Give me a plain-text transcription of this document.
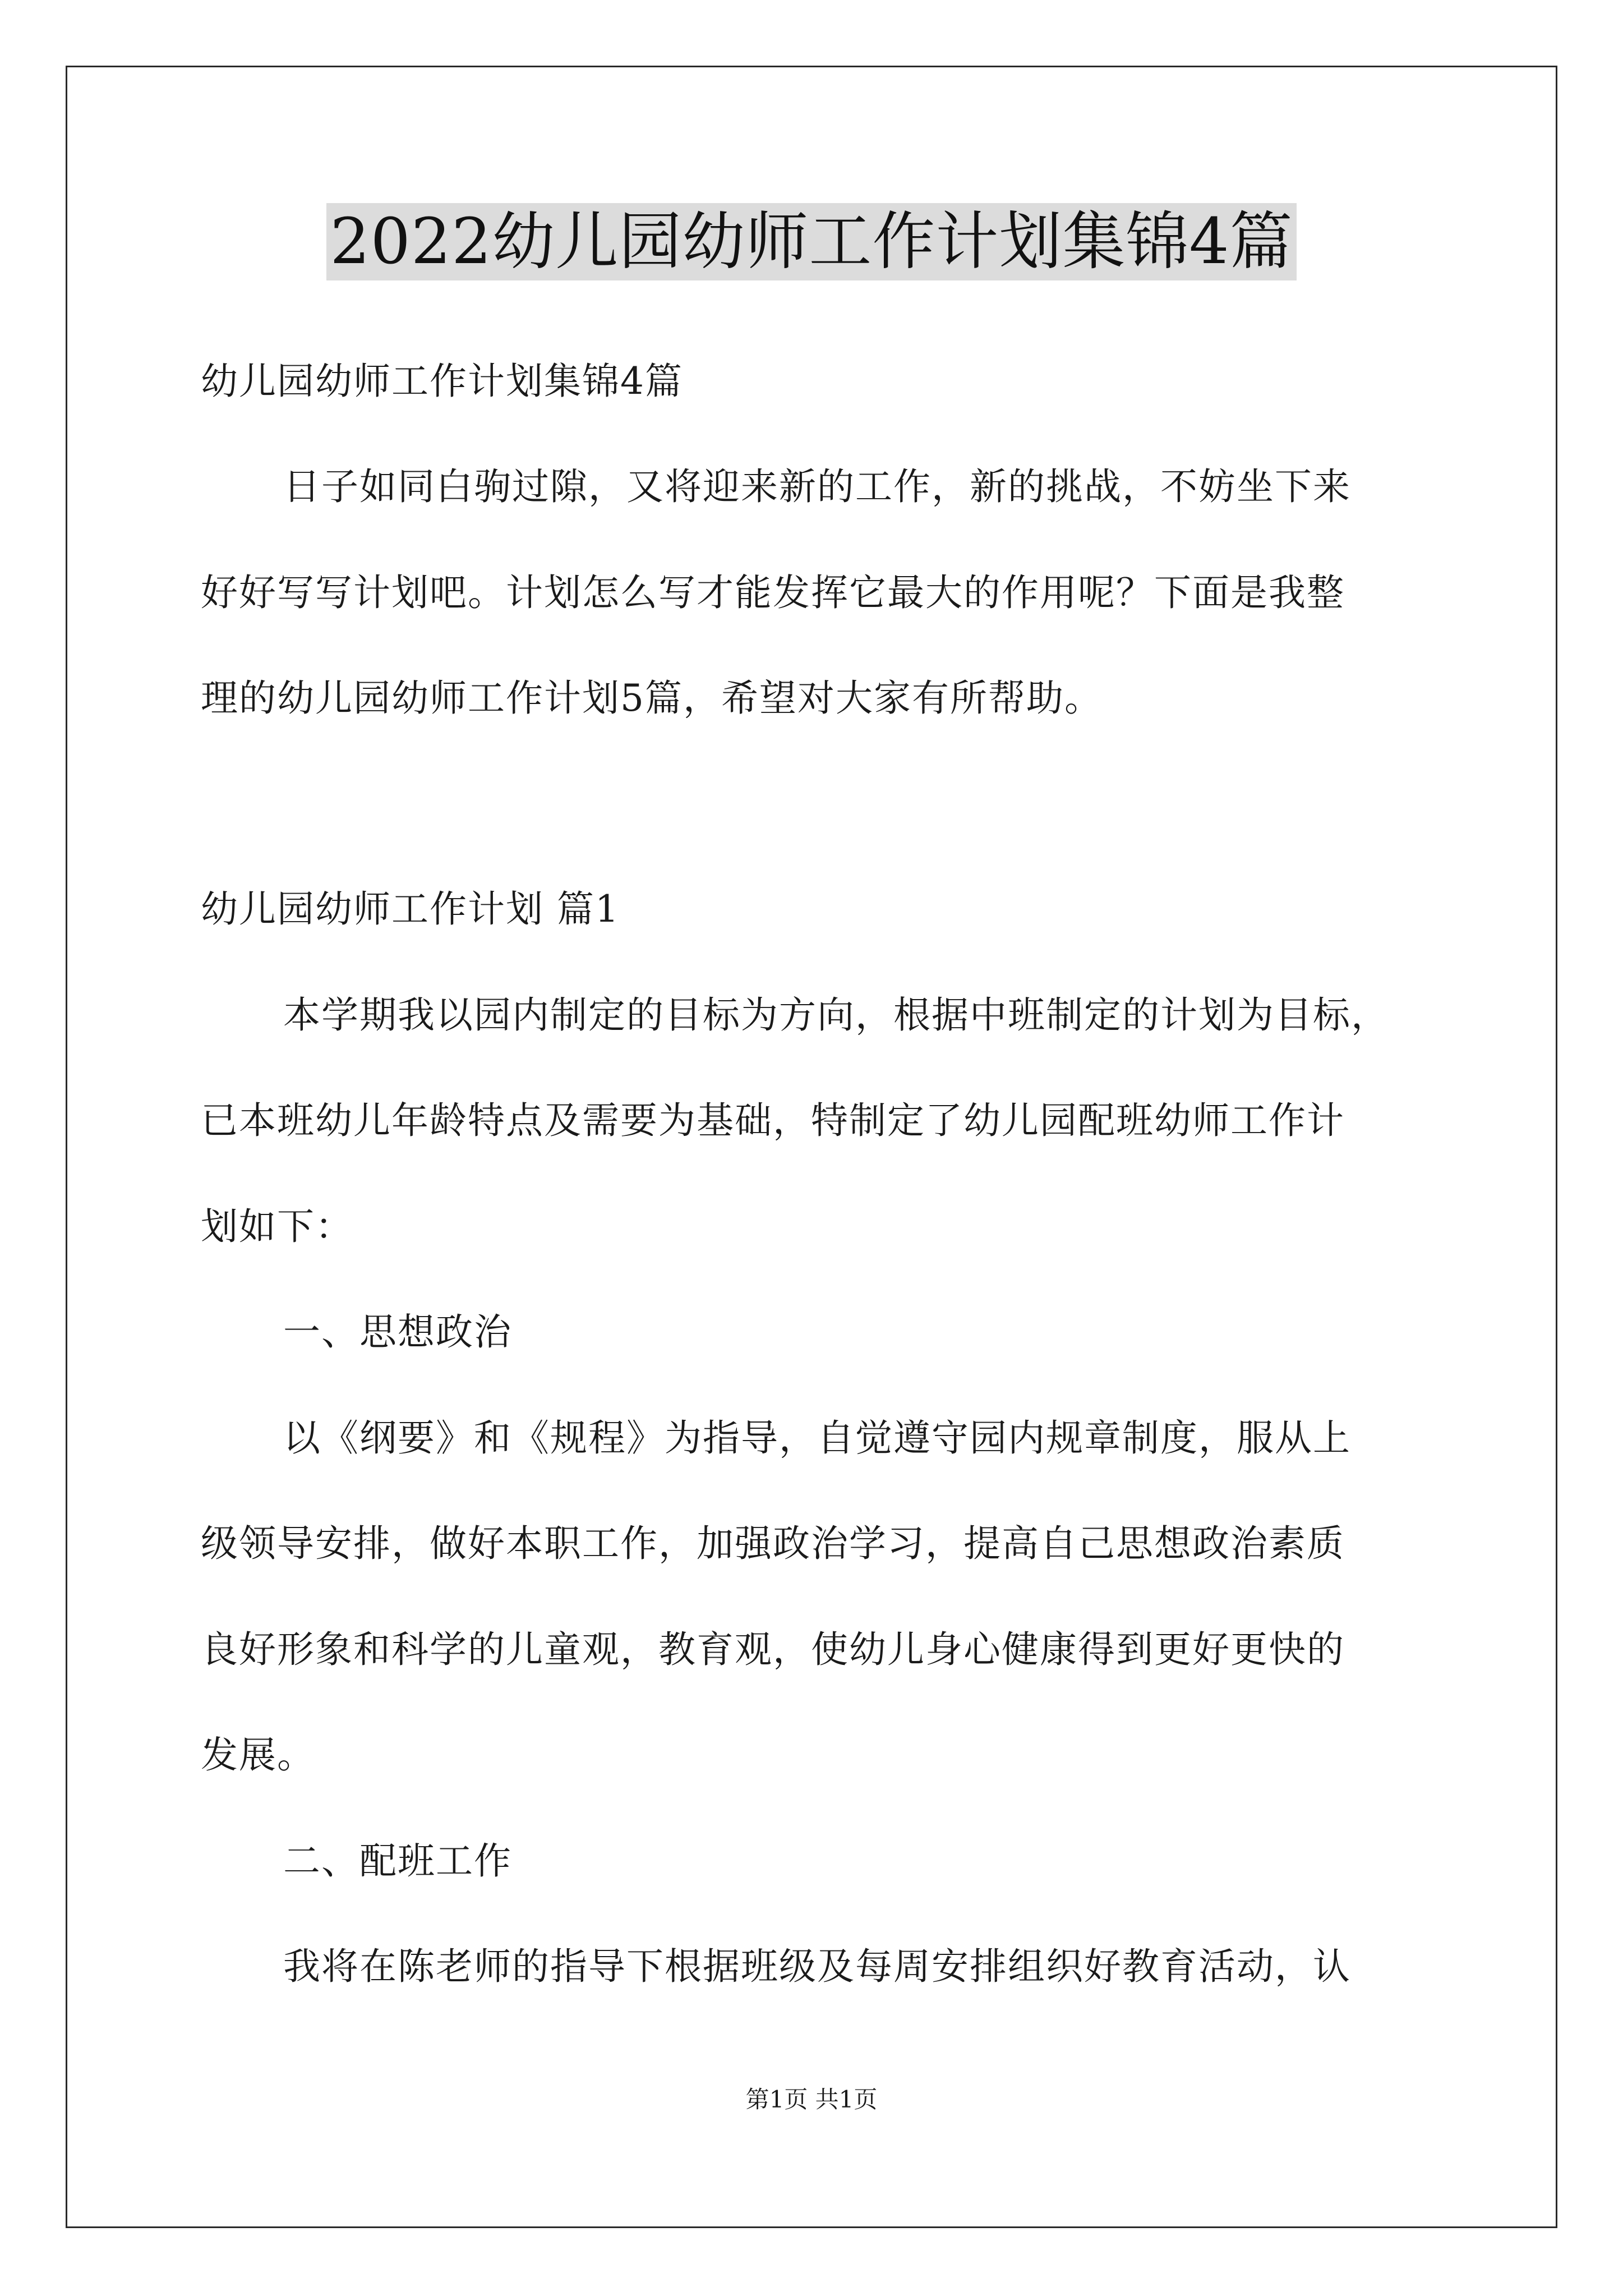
2022幼儿园幼师工作计划集锦4篇
幼儿园幼师工作计划集锦4篇
日子如同白驹过隙，又将迎来新的工作，新的挑战，不妨坐下来
好好写写计划吧。计划怎么写才能发挥它最大的作用呢？下面是我整
理的幼儿园幼师工作计划5篇，希望对大家有所帮助。
幼儿园幼师工作计划 篇1
本学期我以园内制定的目标为方向，根据中班制定的计划为目标，
已本班幼儿年龄特点及需要为基础，特制定了幼儿园配班幼师工作计
划如下：
一、思想政治
以《纲要》和《规程》为指导，自觉遵守园内规章制度，服从上
级领导安排，做好本职工作，加强政治学习，提高自己思想政治素质
良好形象和科学的儿童观，教育观，使幼儿身心健康得到更好更快的
发展。
二、配班工作
我将在陈老师的指导下根据班级及每周安排组织好教育活动，认
第1页 共1页
